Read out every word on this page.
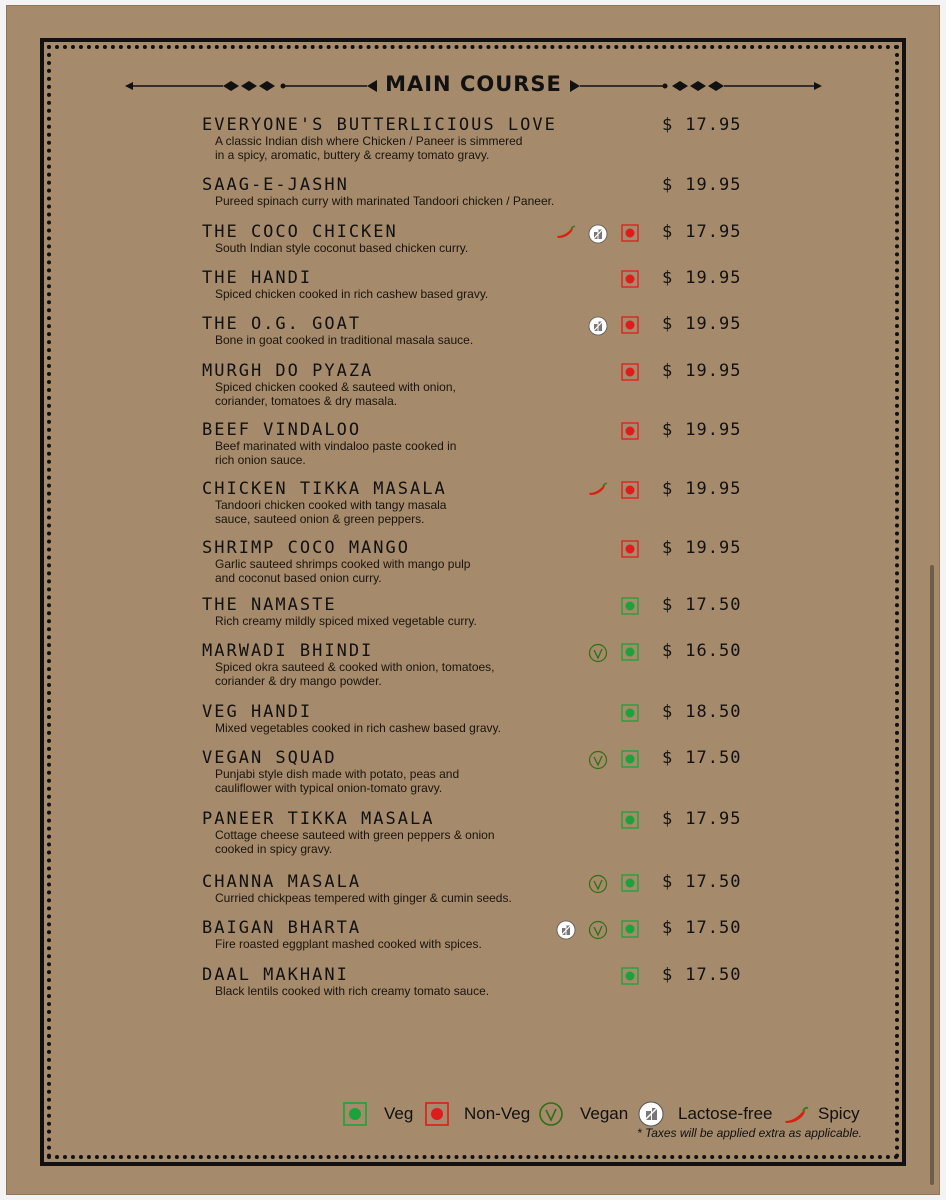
MAIN COURSE
EVERYONE'S BUTTERLICIOUS LOVE
A classic Indian dish where Chicken / Paneer is simmered
in a spicy, aromatic, buttery & creamy tomato gravy.
$ 17.95
SAAG-E-JASHN
Pureed spinach curry with marinated Tandoori chicken / Paneer.
$ 19.95
THE COCO CHICKEN
South Indian style coconut based chicken curry.
$ 17.95
THE HANDI
Spiced chicken cooked in rich cashew based gravy.
$ 19.95
THE O.G. GOAT
Bone in goat cooked in traditional masala sauce.
$ 19.95
MURGH DO PYAZA
Spiced chicken cooked & sauteed with onion,
coriander, tomatoes & dry masala.
$ 19.95
BEEF VINDALOO
Beef marinated with vindaloo paste cooked in
rich onion sauce.
$ 19.95
CHICKEN TIKKA MASALA
Tandoori chicken cooked with tangy masala
sauce, sauteed onion & green peppers.
$ 19.95
SHRIMP COCO MANGO
Garlic sauteed shrimps cooked with mango pulp
and coconut based onion curry.
$ 19.95
THE NAMASTE
Rich creamy mildly spiced mixed vegetable curry.
$ 17.50
MARWADI BHINDI
Spiced okra sauteed & cooked with onion, tomatoes,
coriander & dry mango powder.
$ 16.50
VEG HANDI
Mixed vegetables cooked in rich cashew based gravy.
$ 18.50
VEGAN SQUAD
Punjabi style dish made with potato, peas and
cauliflower with typical onion-tomato gravy.
$ 17.50
PANEER TIKKA MASALA
Cottage cheese sauteed with green peppers & onion
cooked in spicy gravy.
$ 17.95
CHANNA MASALA
Curried chickpeas tempered with ginger & cumin seeds.
$ 17.50
BAIGAN BHARTA
Fire roasted eggplant mashed cooked with spices.
$ 17.50
DAAL MAKHANI
Black lentils cooked with rich creamy tomato sauce.
$ 17.50
Veg	Non-Veg	Vegan	Lactose-free	Spicy
* Taxes will be applied extra as applicable.
